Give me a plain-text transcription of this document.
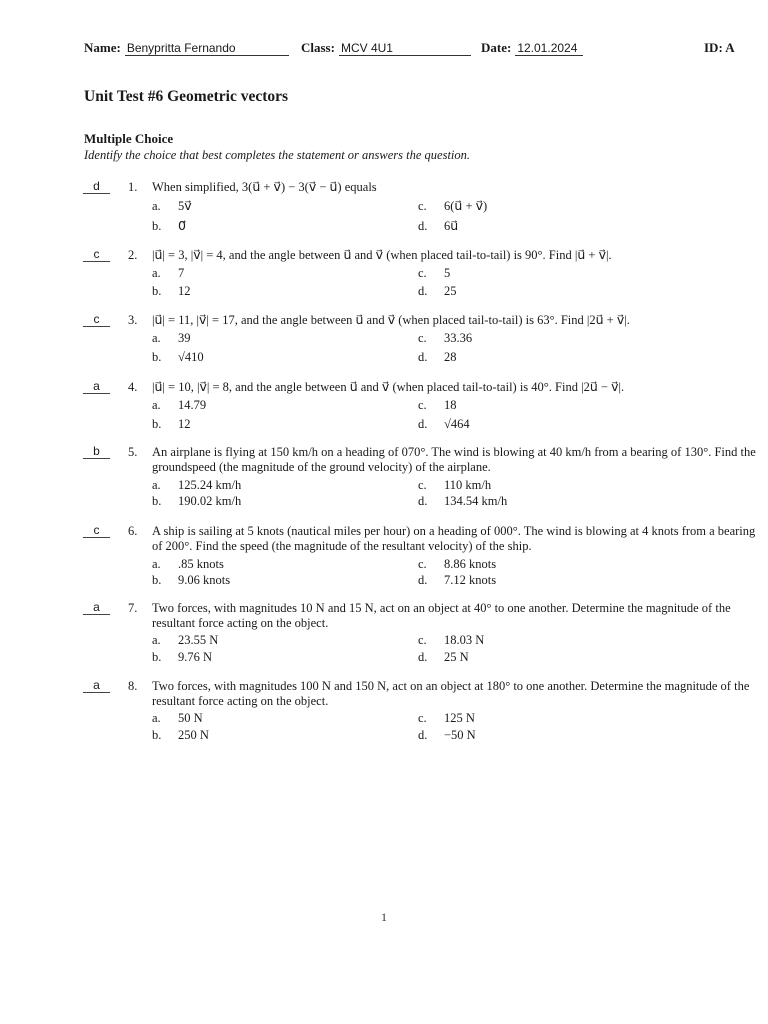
Name: Benypritta Fernando	Class: MCV 4U1	Date: 12.01.2024	ID: A
Unit Test #6 Geometric vectors
Multiple Choice
Identify the choice that best completes the statement or answers the question.
d	1. When simplified, 3(u⃗ + v⃗) − 3(v⃗ − u⃗) equals
a. 5v⃗
b. 0⃗
c. 6(u⃗ + v⃗)
d. 6u⃗
c	2. |u⃗| = 3, |v⃗| = 4, and the angle between u⃗ and v⃗ (when placed tail-to-tail) is 90°. Find |u⃗ + v⃗|.
a. 7
b. 12
c. 5
d. 25
c	3. |u⃗| = 11, |v⃗| = 17, and the angle between u⃗ and v⃗ (when placed tail-to-tail) is 63°. Find |2u⃗ + v⃗|.
a. 39
b. √410
c. 33.36
d. 28
a	4. |u⃗| = 10, |v⃗| = 8, and the angle between u⃗ and v⃗ (when placed tail-to-tail) is 40°. Find |2u⃗ − v⃗|.
a. 14.79
b. 12
c. 18
d. √464
b	5. An airplane is flying at 150 km/h on a heading of 070°. The wind is blowing at 40 km/h from a bearing of 130°. Find the groundspeed (the magnitude of the ground velocity) of the airplane.
a. 125.24 km/h
b. 190.02 km/h
c. 110 km/h
d. 134.54 km/h
c	6. A ship is sailing at 5 knots (nautical miles per hour) on a heading of 000°. The wind is blowing at 4 knots from a bearing of 200°. Find the speed (the magnitude of the resultant velocity) of the ship.
a. .85 knots
b. 9.06 knots
c. 8.86 knots
d. 7.12 knots
a	7. Two forces, with magnitudes 10 N and 15 N, act on an object at 40° to one another. Determine the magnitude of the resultant force acting on the object.
a. 23.55 N
b. 9.76 N
c. 18.03 N
d. 25 N
a	8. Two forces, with magnitudes 100 N and 150 N, act on an object at 180° to one another. Determine the magnitude of the resultant force acting on the object.
a. 50 N
b. 250 N
c. 125 N
d. −50 N
1
